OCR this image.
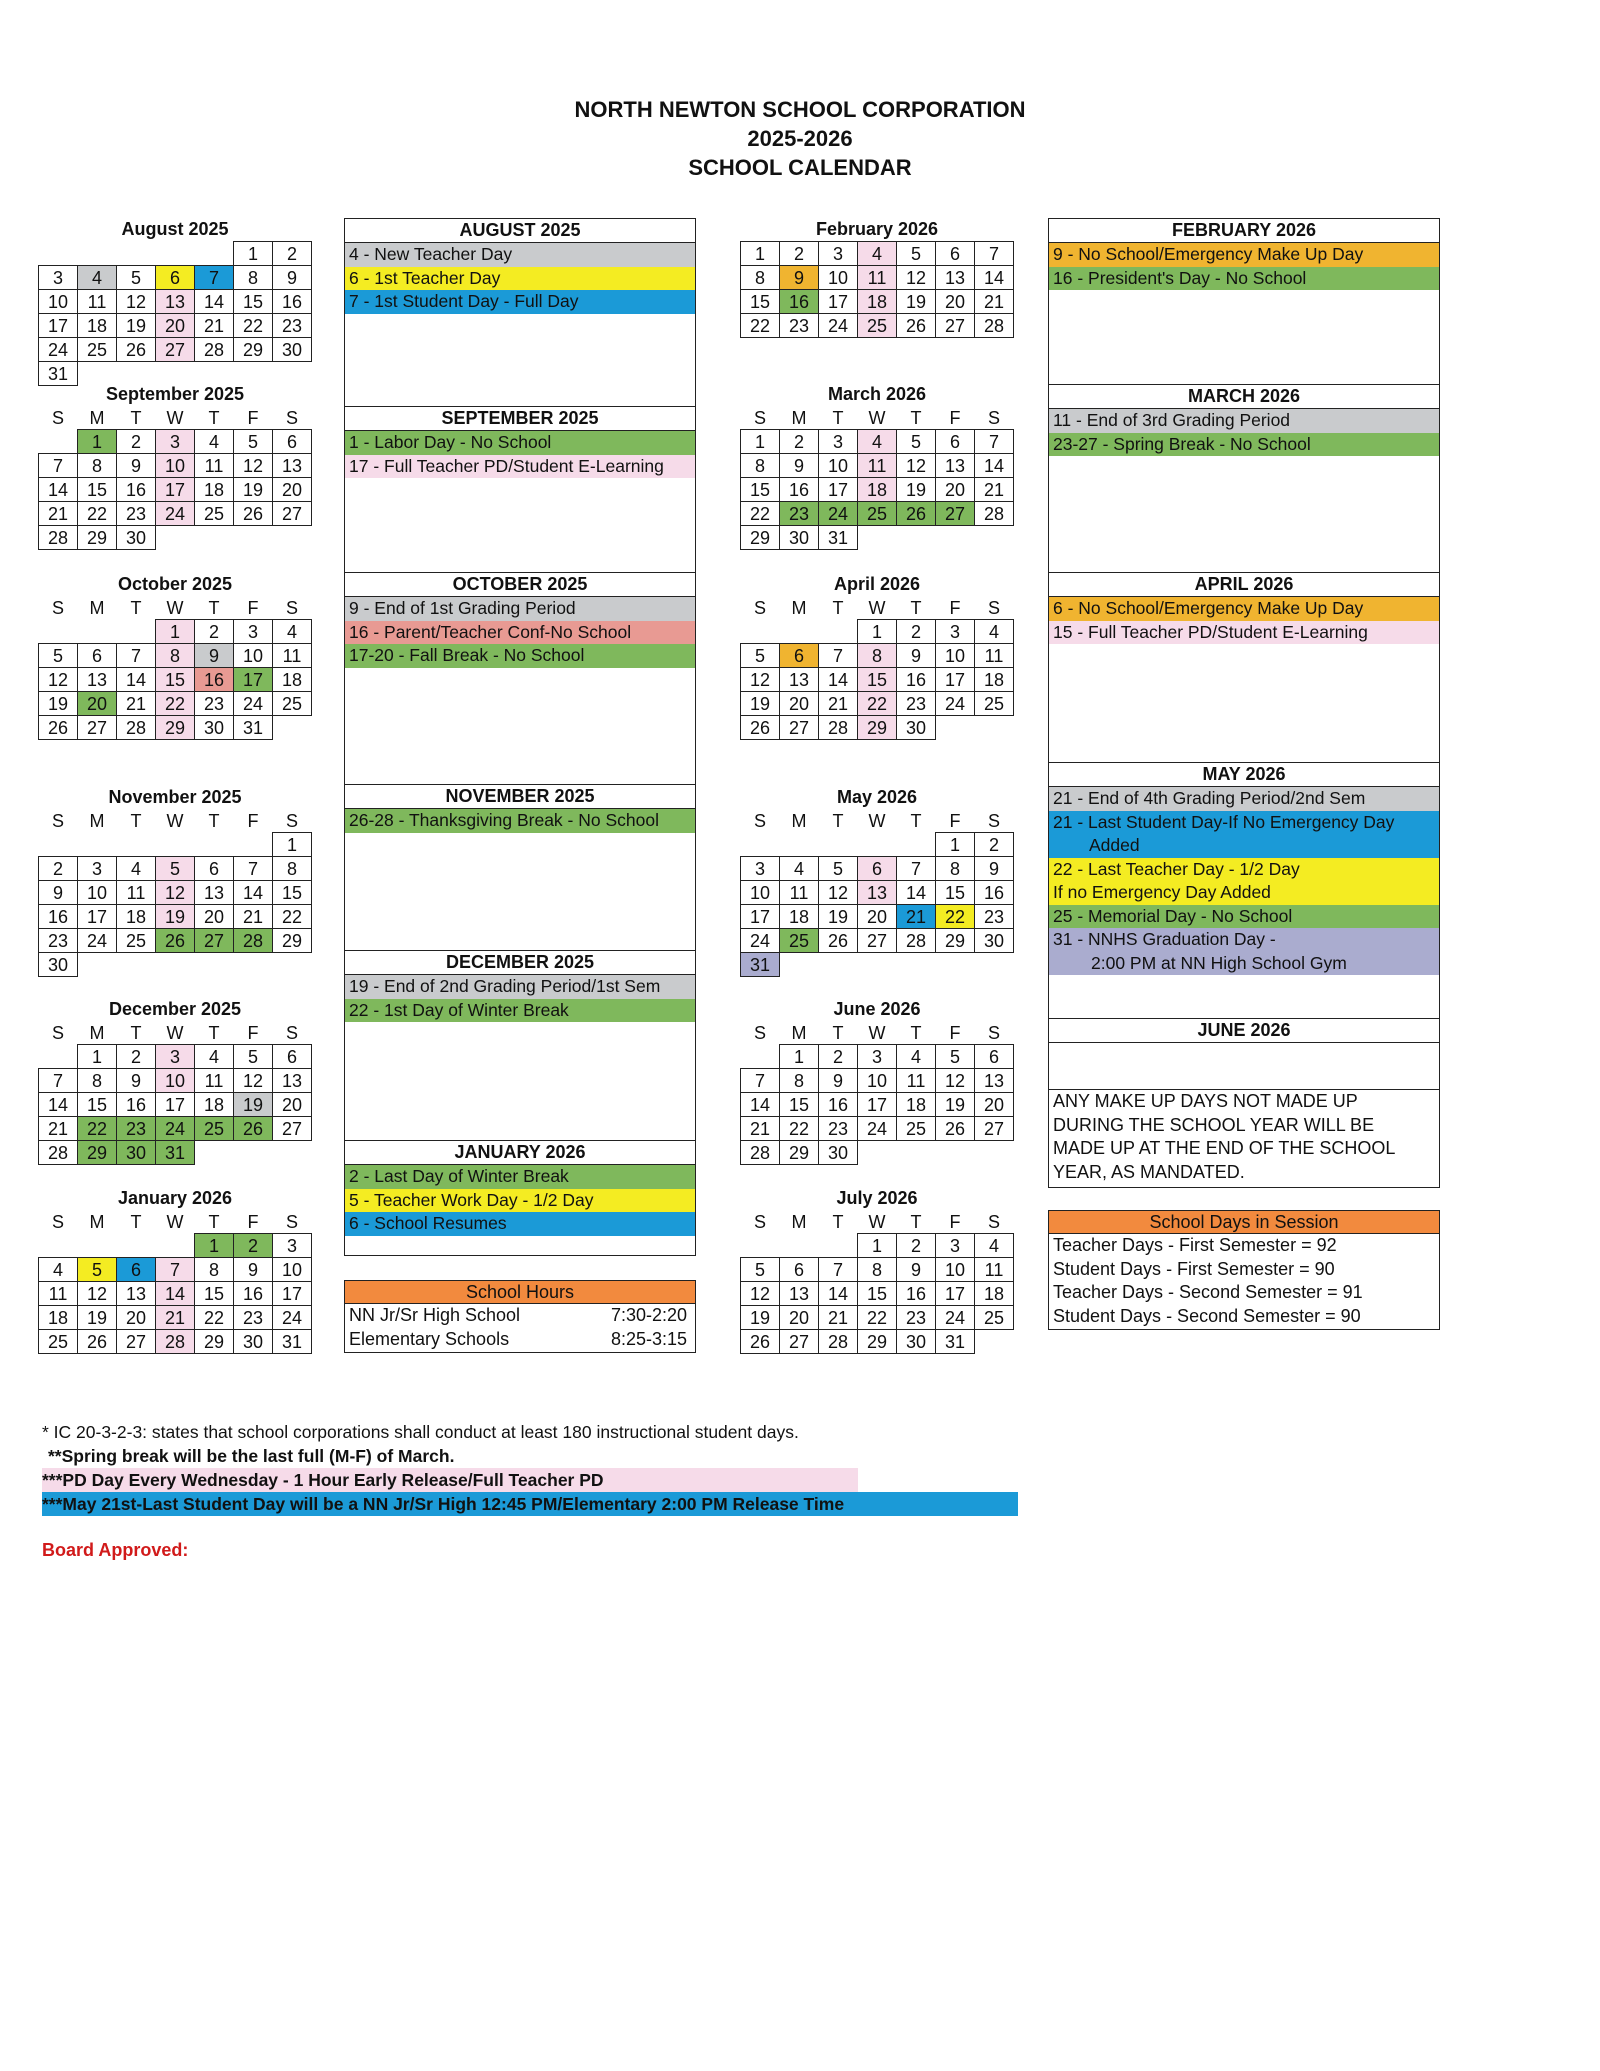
NORTH NEWTON SCHOOL CORPORATION
2025-2026
SCHOOL CALENDAR
August 2025
					1	2
3	4	5	6	7	8	9
10	11	12	13	14	15	16
17	18	19	20	21	22	23
24	25	26	27	28	29	30
31						
September 2025
S	M	T	W	T	F	S
	1	2	3	4	5	6
7	8	9	10	11	12	13
14	15	16	17	18	19	20
21	22	23	24	25	26	27
28	29	30				
October 2025
S	M	T	W	T	F	S
			1	2	3	4
5	6	7	8	9	10	11
12	13	14	15	16	17	18
19	20	21	22	23	24	25
26	27	28	29	30	31	
November 2025
S	M	T	W	T	F	S
						1
2	3	4	5	6	7	8
9	10	11	12	13	14	15
16	17	18	19	20	21	22
23	24	25	26	27	28	29
30						
December 2025
S	M	T	W	T	F	S
	1	2	3	4	5	6
7	8	9	10	11	12	13
14	15	16	17	18	19	20
21	22	23	24	25	26	27
28	29	30	31			
January 2026
S	M	T	W	T	F	S
				1	2	3
4	5	6	7	8	9	10
11	12	13	14	15	16	17
18	19	20	21	22	23	24
25	26	27	28	29	30	31
February 2026
1	2	3	4	5	6	7
8	9	10	11	12	13	14
15	16	17	18	19	20	21
22	23	24	25	26	27	28
March 2026
S	M	T	W	T	F	S
1	2	3	4	5	6	7
8	9	10	11	12	13	14
15	16	17	18	19	20	21
22	23	24	25	26	27	28
29	30	31				
April 2026
S	M	T	W	T	F	S
			1	2	3	4
5	6	7	8	9	10	11
12	13	14	15	16	17	18
19	20	21	22	23	24	25
26	27	28	29	30		
May 2026
S	M	T	W	T	F	S
					1	2
3	4	5	6	7	8	9
10	11	12	13	14	15	16
17	18	19	20	21	22	23
24	25	26	27	28	29	30
31						
June 2026
S	M	T	W	T	F	S
	1	2	3	4	5	6
7	8	9	10	11	12	13
14	15	16	17	18	19	20
21	22	23	24	25	26	27
28	29	30				
July 2026
S	M	T	W	T	F	S
			1	2	3	4
5	6	7	8	9	10	11
12	13	14	15	16	17	18
19	20	21	22	23	24	25
26	27	28	29	30	31	
AUGUST 2025
4 - New Teacher Day
6 - 1st Teacher Day
7 - 1st Student Day - Full Day
SEPTEMBER 2025
1 - Labor Day - No School
17 - Full Teacher PD/Student E-Learning
OCTOBER 2025
9 - End of 1st Grading Period
16 - Parent/Teacher Conf-No School
17-20 - Fall Break - No School
NOVEMBER 2025
26-28 - Thanksgiving Break - No School
DECEMBER 2025
19 - End of 2nd Grading Period/1st Sem
22 - 1st Day of Winter Break
JANUARY 2026
2 - Last Day of Winter Break
5 - Teacher Work Day - 1/2 Day
6 - School Resumes
FEBRUARY 2026
9 - No School/Emergency Make Up Day
16 - President's Day - No School
MARCH 2026
11 - End of 3rd Grading Period
23-27 - Spring Break - No School
APRIL 2026
6 - No School/Emergency Make Up Day
15 - Full Teacher PD/Student E-Learning
MAY 2026
21 - End of 4th Grading Period/2nd Sem
21 - Last Student Day-If No Emergency Day
Added
22 - Last Teacher Day - 1/2 Day
If no Emergency Day Added
25 - Memorial Day - No School
31 - NNHS Graduation Day -
2:00 PM at NN High School Gym
JUNE 2026
ANY MAKE UP DAYS NOT MADE UP
DURING THE SCHOOL YEAR WILL BE
MADE UP AT THE END OF THE SCHOOL
YEAR, AS MANDATED.
School Hours
NN Jr/Sr High School	7:30-2:20
Elementary Schools	8:25-3:15
School Days in Session
Teacher Days - First Semester = 92
Student Days - First Semester = 90
Teacher Days - Second Semester = 91
Student Days - Second Semester = 90
* IC 20-3-2-3: states that school corporations shall conduct at least 180 instructional student days.
**Spring break will be the last full (M-F) of March.
***PD Day Every Wednesday - 1 Hour Early Release/Full Teacher PD
***May 21st-Last Student Day will be a NN Jr/Sr High 12:45 PM/Elementary 2:00 PM Release Time
Board Approved:
